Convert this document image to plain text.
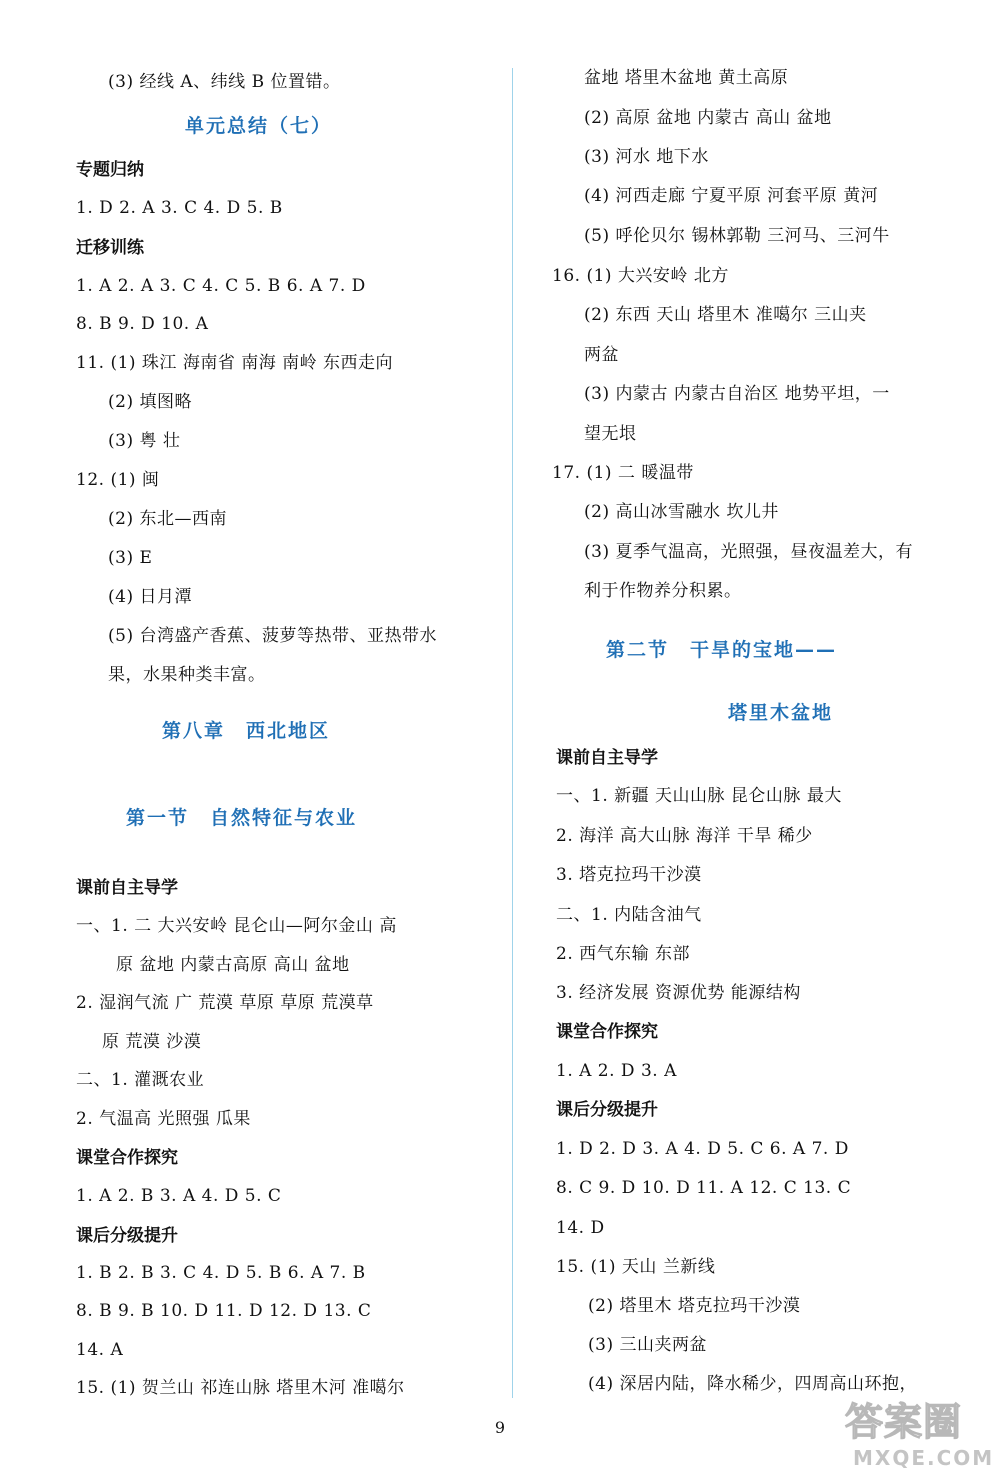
(3) 经线 A、纬线 B 位置错。
单元总结（七）
专题归纳
1. D 2. A 3. C 4. D 5. B
迁移训练
1. A 2. A 3. C 4. C 5. B 6. A 7. D
8. B 9. D 10. A
11. (1) 珠江 海南省 南海 南岭 东西走向
(2) 填图略
(3) 粤 壮
12. (1) 闽
(2) 东北—西南
(3) E
(4) 日月潭
(5) 台湾盛产香蕉、菠萝等热带、亚热带水
果，水果种类丰富。
第八章　西北地区
第一节　自然特征与农业
课前自主导学
一、1. 二 大兴安岭 昆仑山—阿尔金山 高
原 盆地 内蒙古高原 高山 盆地
2. 湿润气流 广 荒漠 草原 草原 荒漠草
原 荒漠 沙漠
二、1. 灌溉农业
2. 气温高 光照强 瓜果
课堂合作探究
1. A 2. B 3. A 4. D 5. C
课后分级提升
1. B 2. B 3. C 4. D 5. B 6. A 7. B
8. B 9. B 10. D 11. D 12. D 13. C
14. A
15. (1) 贺兰山 祁连山脉 塔里木河 准噶尔
盆地 塔里木盆地 黄土高原
(2) 高原 盆地 内蒙古 高山 盆地
(3) 河水 地下水
(4) 河西走廊 宁夏平原 河套平原 黄河
(5) 呼伦贝尔 锡林郭勒 三河马、三河牛
16. (1) 大兴安岭 北方
(2) 东西 天山 塔里木 准噶尔 三山夹
两盆
(3) 内蒙古 内蒙古自治区 地势平坦，一
望无垠
17. (1) 二 暖温带
(2) 高山冰雪融水 坎儿井
(3) 夏季气温高，光照强，昼夜温差大，有
利于作物养分积累。
第二节　干旱的宝地——
塔里木盆地
课前自主导学
一、1. 新疆 天山山脉 昆仑山脉 最大
2. 海洋 高大山脉 海洋 干旱 稀少
3. 塔克拉玛干沙漠
二、1. 内陆含油气
2. 西气东输 东部
3. 经济发展 资源优势 能源结构
课堂合作探究
1. A 2. D 3. A
课后分级提升
1. D 2. D 3. A 4. D 5. C 6. A 7. D
8. C 9. D 10. D 11. A 12. C 13. C
14. D
15. (1) 天山 兰新线
(2) 塔里木 塔克拉玛干沙漠
(3) 三山夹两盆
(4) 深居内陆，降水稀少，四周高山环抱，
9	答案圈
MXQE.COM
